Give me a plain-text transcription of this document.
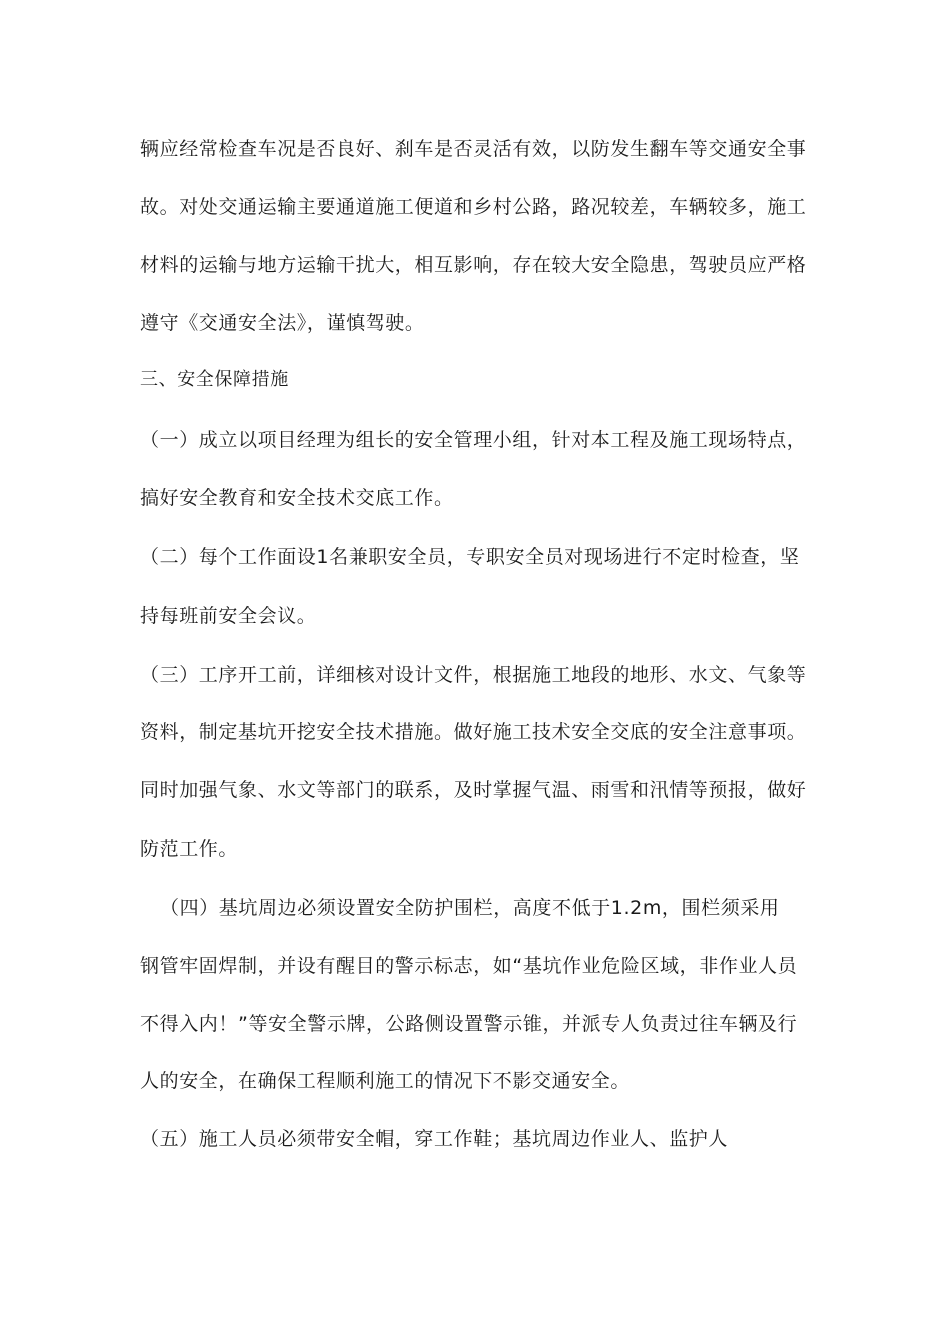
辆应经常检查车况是否良好、刹车是否灵活有效，以防发生翻车等交通安全事
故。对处交通运输主要通道施工便道和乡村公路，路况较差，车辆较多，施工
材料的运输与地方运输干扰大，相互影响，存在较大安全隐患，驾驶员应严格
遵守《交通安全法》，谨慎驾驶。
三、安全保障措施
（一）成立以项目经理为组长的安全管理小组，针对本工程及施工现场特点，
搞好安全教育和安全技术交底工作。
（二）每个工作面设1名兼职安全员，专职安全员对现场进行不定时检查，坚
持每班前安全会议。
（三）工序开工前，详细核对设计文件，根据施工地段的地形、水文、气象等
资料，制定基坑开挖安全技术措施。做好施工技术安全交底的安全注意事项。
同时加强气象、水文等部门的联系，及时掌握气温、雨雪和汛情等预报，做好
防范工作。
（四）基坑周边必须设置安全防护围栏，高度不低于1.2m，围栏须采用
钢管牢固焊制，并设有醒目的警示标志，如“基坑作业危险区域，非作业人员
不得入内！”等安全警示牌，公路侧设置警示锥，并派专人负责过往车辆及行
人的安全，在确保工程顺利施工的情况下不影交通安全。
（五）施工人员必须带安全帽，穿工作鞋；基坑周边作业人、监护人
